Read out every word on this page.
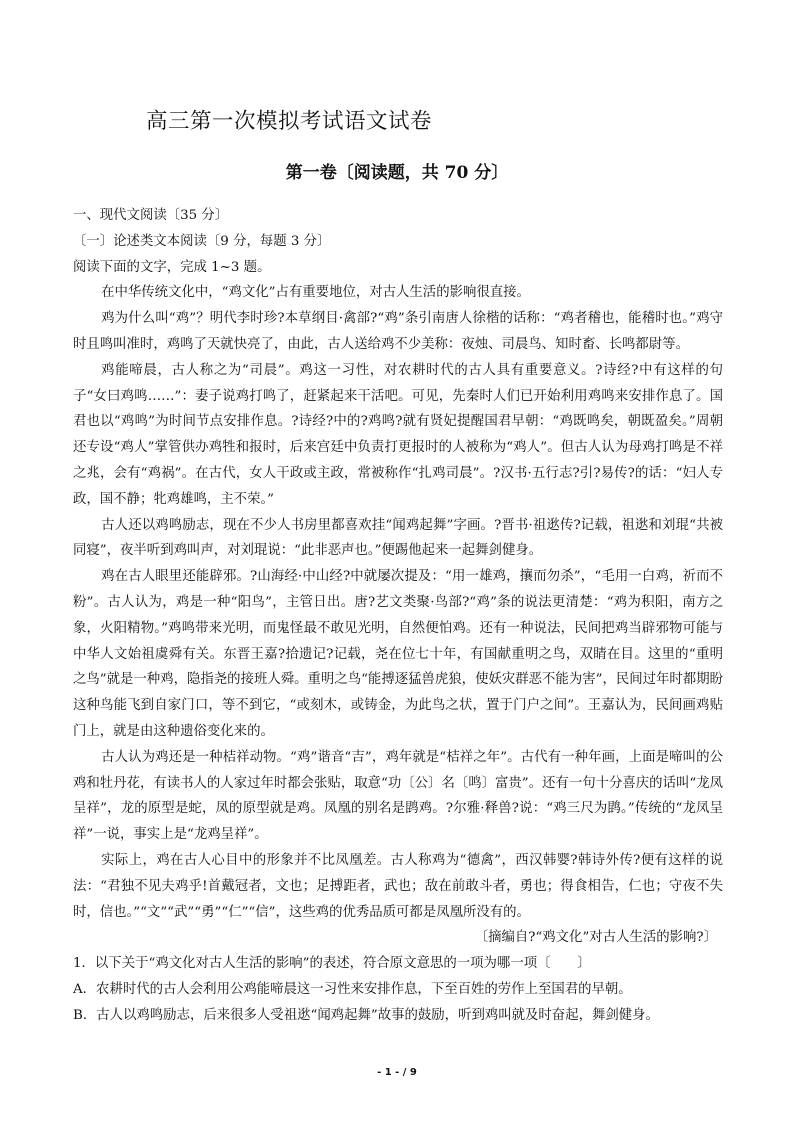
高三第一次模拟考试语文试卷
第一卷〔阅读题，共 70 分〕

一、现代文阅读〔35 分〕

〔一〕论述类文本阅读〔9 分，每题 3 分〕

阅读下面的文字，完成 1~3 题。

在中华传统文化中，“鸡文化”占有重要地位，对古人生活的影响很直接。

鸡为什么叫“鸡”？明代李时珍?本草纲目·禽部?“鸡”条引南唐人徐楷的话称：“鸡者稽也，能稽时也。”鸡守时且鸣叫准时，鸡鸣了天就快亮了，由此，古人送给鸡不少美称：夜烛、司晨鸟、知时畜、长鸣都尉等。

鸡能啼晨，古人称之为“司晨”。鸡这一习性，对农耕时代的古人具有重要意义。?诗经?中有这样的句子“女曰鸡鸣……”：妻子说鸡打鸣了，赶紧起来干活吧。可见，先秦时人们已开始利用鸡鸣来安排作息了。国君也以“鸡鸣”为时间节点安排作息。?诗经?中的?鸡鸣?就有贤妃提醒国君早朝：“鸡既鸣矣，朝既盈矣。”周朝还专设“鸡人”掌管供办鸡牲和报时，后来宫廷中负责打更报时的人被称为“鸡人”。但古人认为母鸡打鸣是不祥之兆，会有“鸡祸”。在古代，女人干政或主政，常被称作“扎鸡司晨”。?汉书·五行志?引?易传?的话：“妇人专政，国不静；牝鸡雄鸣，主不荣。”

古人还以鸡鸣励志，现在不少人书房里都喜欢挂“闻鸡起舞”字画。?晋书·祖逖传?记载，祖逖和刘琨“共被同寝”，夜半听到鸡叫声，对刘琨说：“此非恶声也。”便踢他起来一起舞剑健身。

鸡在古人眼里还能辟邪。?山海经·中山经?中就屡次提及：“用一雄鸡，攘而勿杀”，“毛用一白鸡，祈而不粉”。古人认为，鸡是一种“阳鸟”，主管日出。唐?艺文类聚·鸟部?“鸡”条的说法更清楚：“鸡为积阳，南方之象，火阳精物。”鸡鸣带来光明，而鬼怪最不敢见光明，自然便怕鸡。还有一种说法，民间把鸡当辟邪物可能与中华人文始祖虞舜有关。东晋王嘉?拾遗记?记载，尧在位七十年，有国献重明之鸟，双睛在目。这里的“重明之鸟”就是一种鸡，隐指尧的接班人舜。重明之鸟“能搏逐猛兽虎狼，使妖灾群恶不能为害”，民间过年时都期盼这种鸟能飞到自家门口，等不到它，“或刻木，或铸金，为此鸟之状，置于门户之间”。王嘉认为，民间画鸡贴门上，就是由这种遗俗变化来的。

古人认为鸡还是一种桔祥动物。“鸡”谐音“吉”，鸡年就是“桔祥之年”。古代有一种年画，上面是啼叫的公鸡和牡丹花，有读书人的人家过年时都会张贴，取意“功〔公〕名〔鸣〕富贵”。还有一句十分喜庆的话叫“龙凤呈祥”，龙的原型是蛇，凤的原型就是鸡。凤凰的别名是鹍鸡。?尔雅·释兽?说：“鸡三尺为鹍。”传统的“龙凤呈祥”一说，事实上是“龙鸡呈祥”。

实际上，鸡在古人心目中的形象并不比凤凰差。古人称鸡为“德禽”，西汉韩婴?韩诗外传?便有这样的说法：“君独不见夫鸡乎!首戴冠者，文也；足搏距者，武也；敌在前敢斗者，勇也；得食相告，仁也；守夜不失时，信也。”“文”“武”“勇”“仁”“信”，这些鸡的优秀品质可都是凤凰所没有的。

〔摘编自?“鸡文化”对古人生活的影响?〕

1．以下关于“鸡文化对古人生活的影响”的表述，符合原文意思的一项为哪一项〔　　〕

A．农耕时代的古人会利用公鸡能啼晨这一习性来安排作息，下至百姓的劳作上至国君的早朝。

B．古人以鸡鸣励志，后来很多人受祖逖“闻鸡起舞”故事的鼓励，听到鸡叫就及时奋起，舞剑健身。

- 1 - / 9
